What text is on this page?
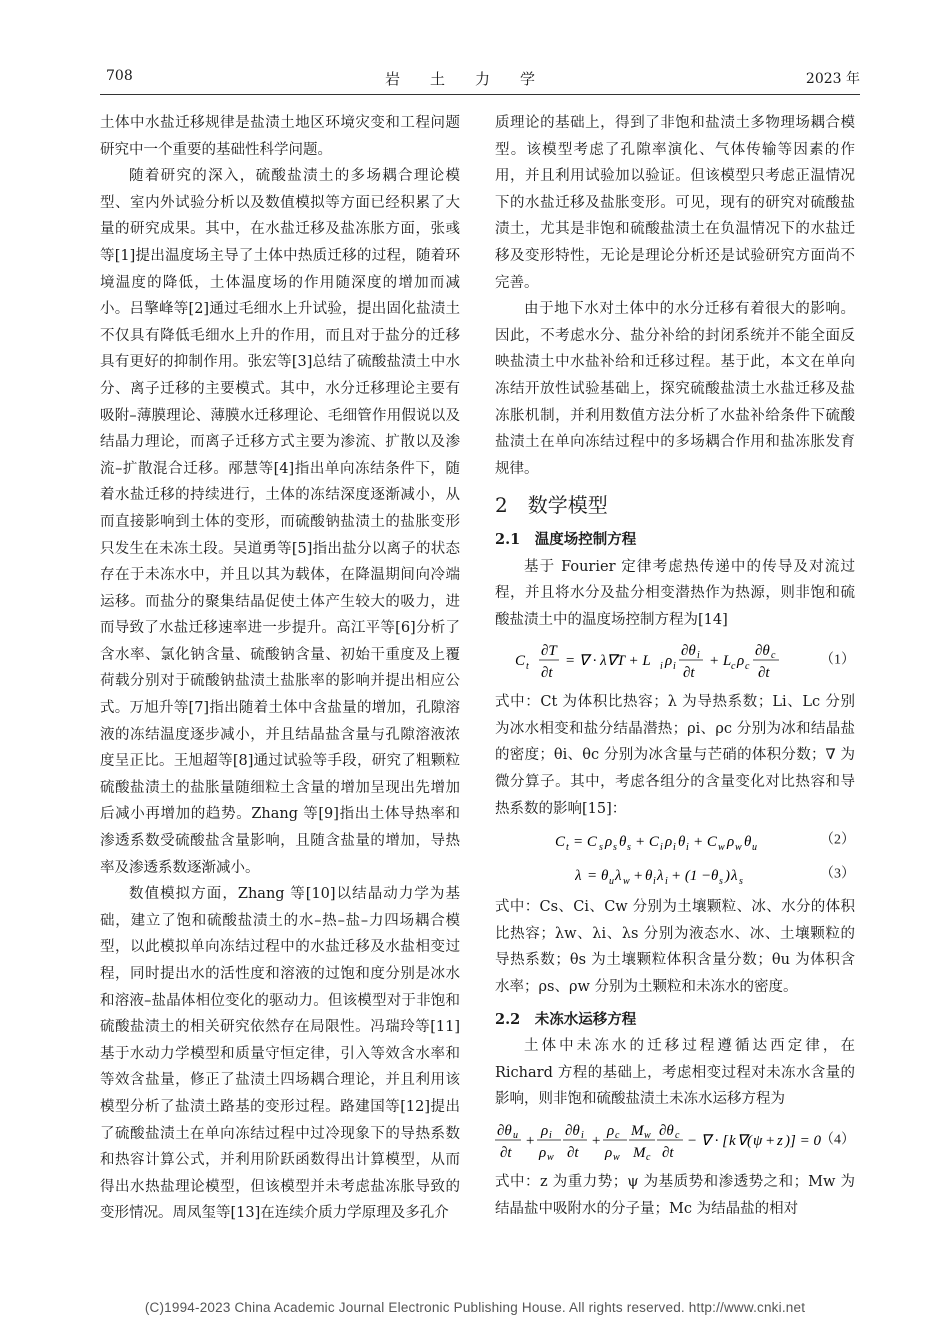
708	岩土力学	2023 年

土体中水盐迁移规律是盐渍土地区环境灾变和工程问题研究中一个重要的基础性科学问题。

随着研究的深入，硫酸盐渍土的多场耦合理论模型、室内外试验分析以及数值模拟等方面已经积累了大量的研究成果。其中，在水盐迁移及盐冻胀方面，张彧等[1]提出温度场主导了土体中热质迁移的过程，随着环境温度的降低，土体温度场的作用随深度的增加而减小。吕擎峰等[2]通过毛细水上升试验，提出固化盐渍土不仅具有降低毛细水上升的作用，而且对于盐分的迁移具有更好的抑制作用。张宏等[3]总结了硫酸盐渍土中水分、离子迁移的主要模式。其中，水分迁移理论主要有吸附–薄膜理论、薄膜水迁移理论、毛细管作用假说以及结晶力理论，而离子迁移方式主要为渗流、扩散以及渗流–扩散混合迁移。邴慧等[4]指出单向冻结条件下，随着水盐迁移的持续进行，土体的冻结深度逐渐减小，从而直接影响到土体的变形，而硫酸钠盐渍土的盐胀变形只发生在未冻土段。吴道勇等[5]指出盐分以离子的状态存在于未冻水中，并且以其为载体，在降温期间向冷端运移。而盐分的聚集结晶促使土体产生较大的吸力，进而导致了水盐迁移速率进一步提升。高江平等[6]分析了含水率、氯化钠含量、硫酸钠含量、初始干重度及上覆荷载分别对于硫酸钠盐渍土盐胀率的影响并提出相应公式。万旭升等[7]指出随着土体中含盐量的增加，孔隙溶液的冻结温度逐步减小，并且结晶盐含量与孔隙溶液浓度呈正比。王旭超等[8]通过试验等手段，研究了粗颗粒硫酸盐渍土的盐胀量随细粒土含量的增加呈现出先增加后减小再增加的趋势。Zhang 等[9]指出土体导热率和渗透系数受硫酸盐含量影响，且随含盐量的增加，导热率及渗透系数逐渐减小。

数值模拟方面，Zhang 等[10]以结晶动力学为基础，建立了饱和硫酸盐渍土的水–热–盐–力四场耦合模型，以此模拟单向冻结过程中的水盐迁移及水盐相变过程，同时提出水的活性度和溶液的过饱和度分别是冰水和溶液–盐晶体相位变化的驱动力。但该模型对于非饱和硫酸盐渍土的相关研究依然存在局限性。冯瑞玲等[11]基于水动力学模型和质量守恒定律，引入等效含水率和等效含盐量，修正了盐渍土四场耦合理论，并且利用该模型分析了盐渍土路基的变形过程。路建国等[12]提出了硫酸盐渍土在单向冻结过程中过冷现象下的导热系数和热容计算公式，并利用阶跃函数得出计算模型，从而得出水热盐理论模型，但该模型并未考虑盐冻胀导致的变形情况。周凤玺等[13]在连续介质力学原理及多孔介

质理论的基础上，得到了非饱和盐渍土多物理场耦合模型。该模型考虑了孔隙率演化、气体传输等因素的作用，并且利用试验加以验证。但该模型只考虑正温情况下的水盐迁移及盐胀变形。可见，现有的研究对硫酸盐渍土，尤其是非饱和硫酸盐渍土在负温情况下的水盐迁移及变形特性，无论是理论分析还是试验研究方面尚不完善。

由于地下水对土体中的水分迁移有着很大的影响。因此，不考虑水分、盐分补给的封闭系统并不能全面反映盐渍土中水盐补给和迁移过程。基于此，本文在单向冻结开放性试验基础上，探究硫酸盐渍土水盐迁移及盐冻胀机制，并利用数值方法分析了水盐补给条件下硫酸盐渍土在单向冻结过程中的多场耦合作用和盐冻胀发育规律。

2　数学模型
2.1　温度场控制方程

基于 Fourier 定律考虑热传递中的传导及对流过程，并且将水分及盐分相变潜热作为热源，则非饱和硫酸盐渍土中的温度场控制方程为[14]

C t
∂T
∂t
= ∇ · λ∇T + L i ρ i
∂θ i
∂t
+ L c ρ c
∂θ c
∂t
（1）

式中：Ct 为体积比热容；λ 为导热系数；Li、Lc 分别为冰水相变和盐分结晶潜热；ρi、ρc 分别为冰和结晶盐的密度；θi、θc 分别为冰含量与芒硝的体积分数；∇ 为微分算子。其中，考虑各组分的含量变化对比热容和导热系数的影响[15]：

C t = C s ρ s θ s + C i ρ i θ i + C w ρ w θ u	（2）
λ = θ u λ w + θ i λ i + (1 − θ s ) λ s	（3）

式中：Cs、Ci、Cw 分别为土壤颗粒、冰、水分的体积比热容；λw、λi、λs 分别为液态水、冰、土壤颗粒的导热系数；θs 为土壤颗粒体积含量分数；θu 为体积含水率；ρs、ρw 分别为土颗粒和未冻水的密度。

2.2　未冻水运移方程

土体中未冻水的迁移过程遵循达西定律，在 Richard 方程的基础上，考虑相变过程对未冻水含量的影响，则非饱和硫酸盐渍土未冻水运移方程为

∂θ u
∂t
+
ρ i
ρ w
∂θ i
∂t
+
ρ c
ρ w
M w
M c
∂θ c
∂t
− ∇ · [ k ∇( ψ + z )] = 0 （4）

式中：z 为重力势；ψ 为基质势和渗透势之和；Mw 为结晶盐中吸附水的分子量；Mc 为结晶盐的相对

(C)1994-2023 China Academic Journal Electronic Publishing House. All rights reserved. http://www.cnki.net
